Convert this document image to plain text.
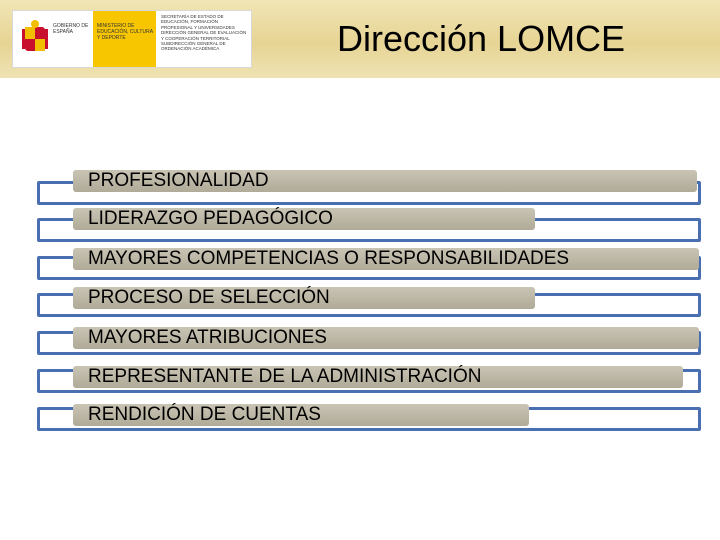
GOBIERNO DE ESPAÑA
MINISTERIO DE EDUCACIÓN, CULTURA Y DEPORTE
SECRETARÍA DE ESTADO DE EDUCACIÓN, FORMACIÓN PROFESIONAL Y UNIVERSIDADES
DIRECCIÓN GENERAL DE EVALUACIÓN Y COOPERACIÓN TERRITORIAL
SUBDIRECCIÓN GENERAL DE ORDENACIÓN ACADÉMICA	Dirección LOMCE
PROFESIONALIDAD
LIDERAZGO PEDAGÓGICO
MAYORES COMPETENCIAS O RESPONSABILIDADES
PROCESO DE SELECCIÓN
MAYORES ATRIBUCIONES
REPRESENTANTE DE LA ADMINISTRACIÓN
RENDICIÓN DE CUENTAS
